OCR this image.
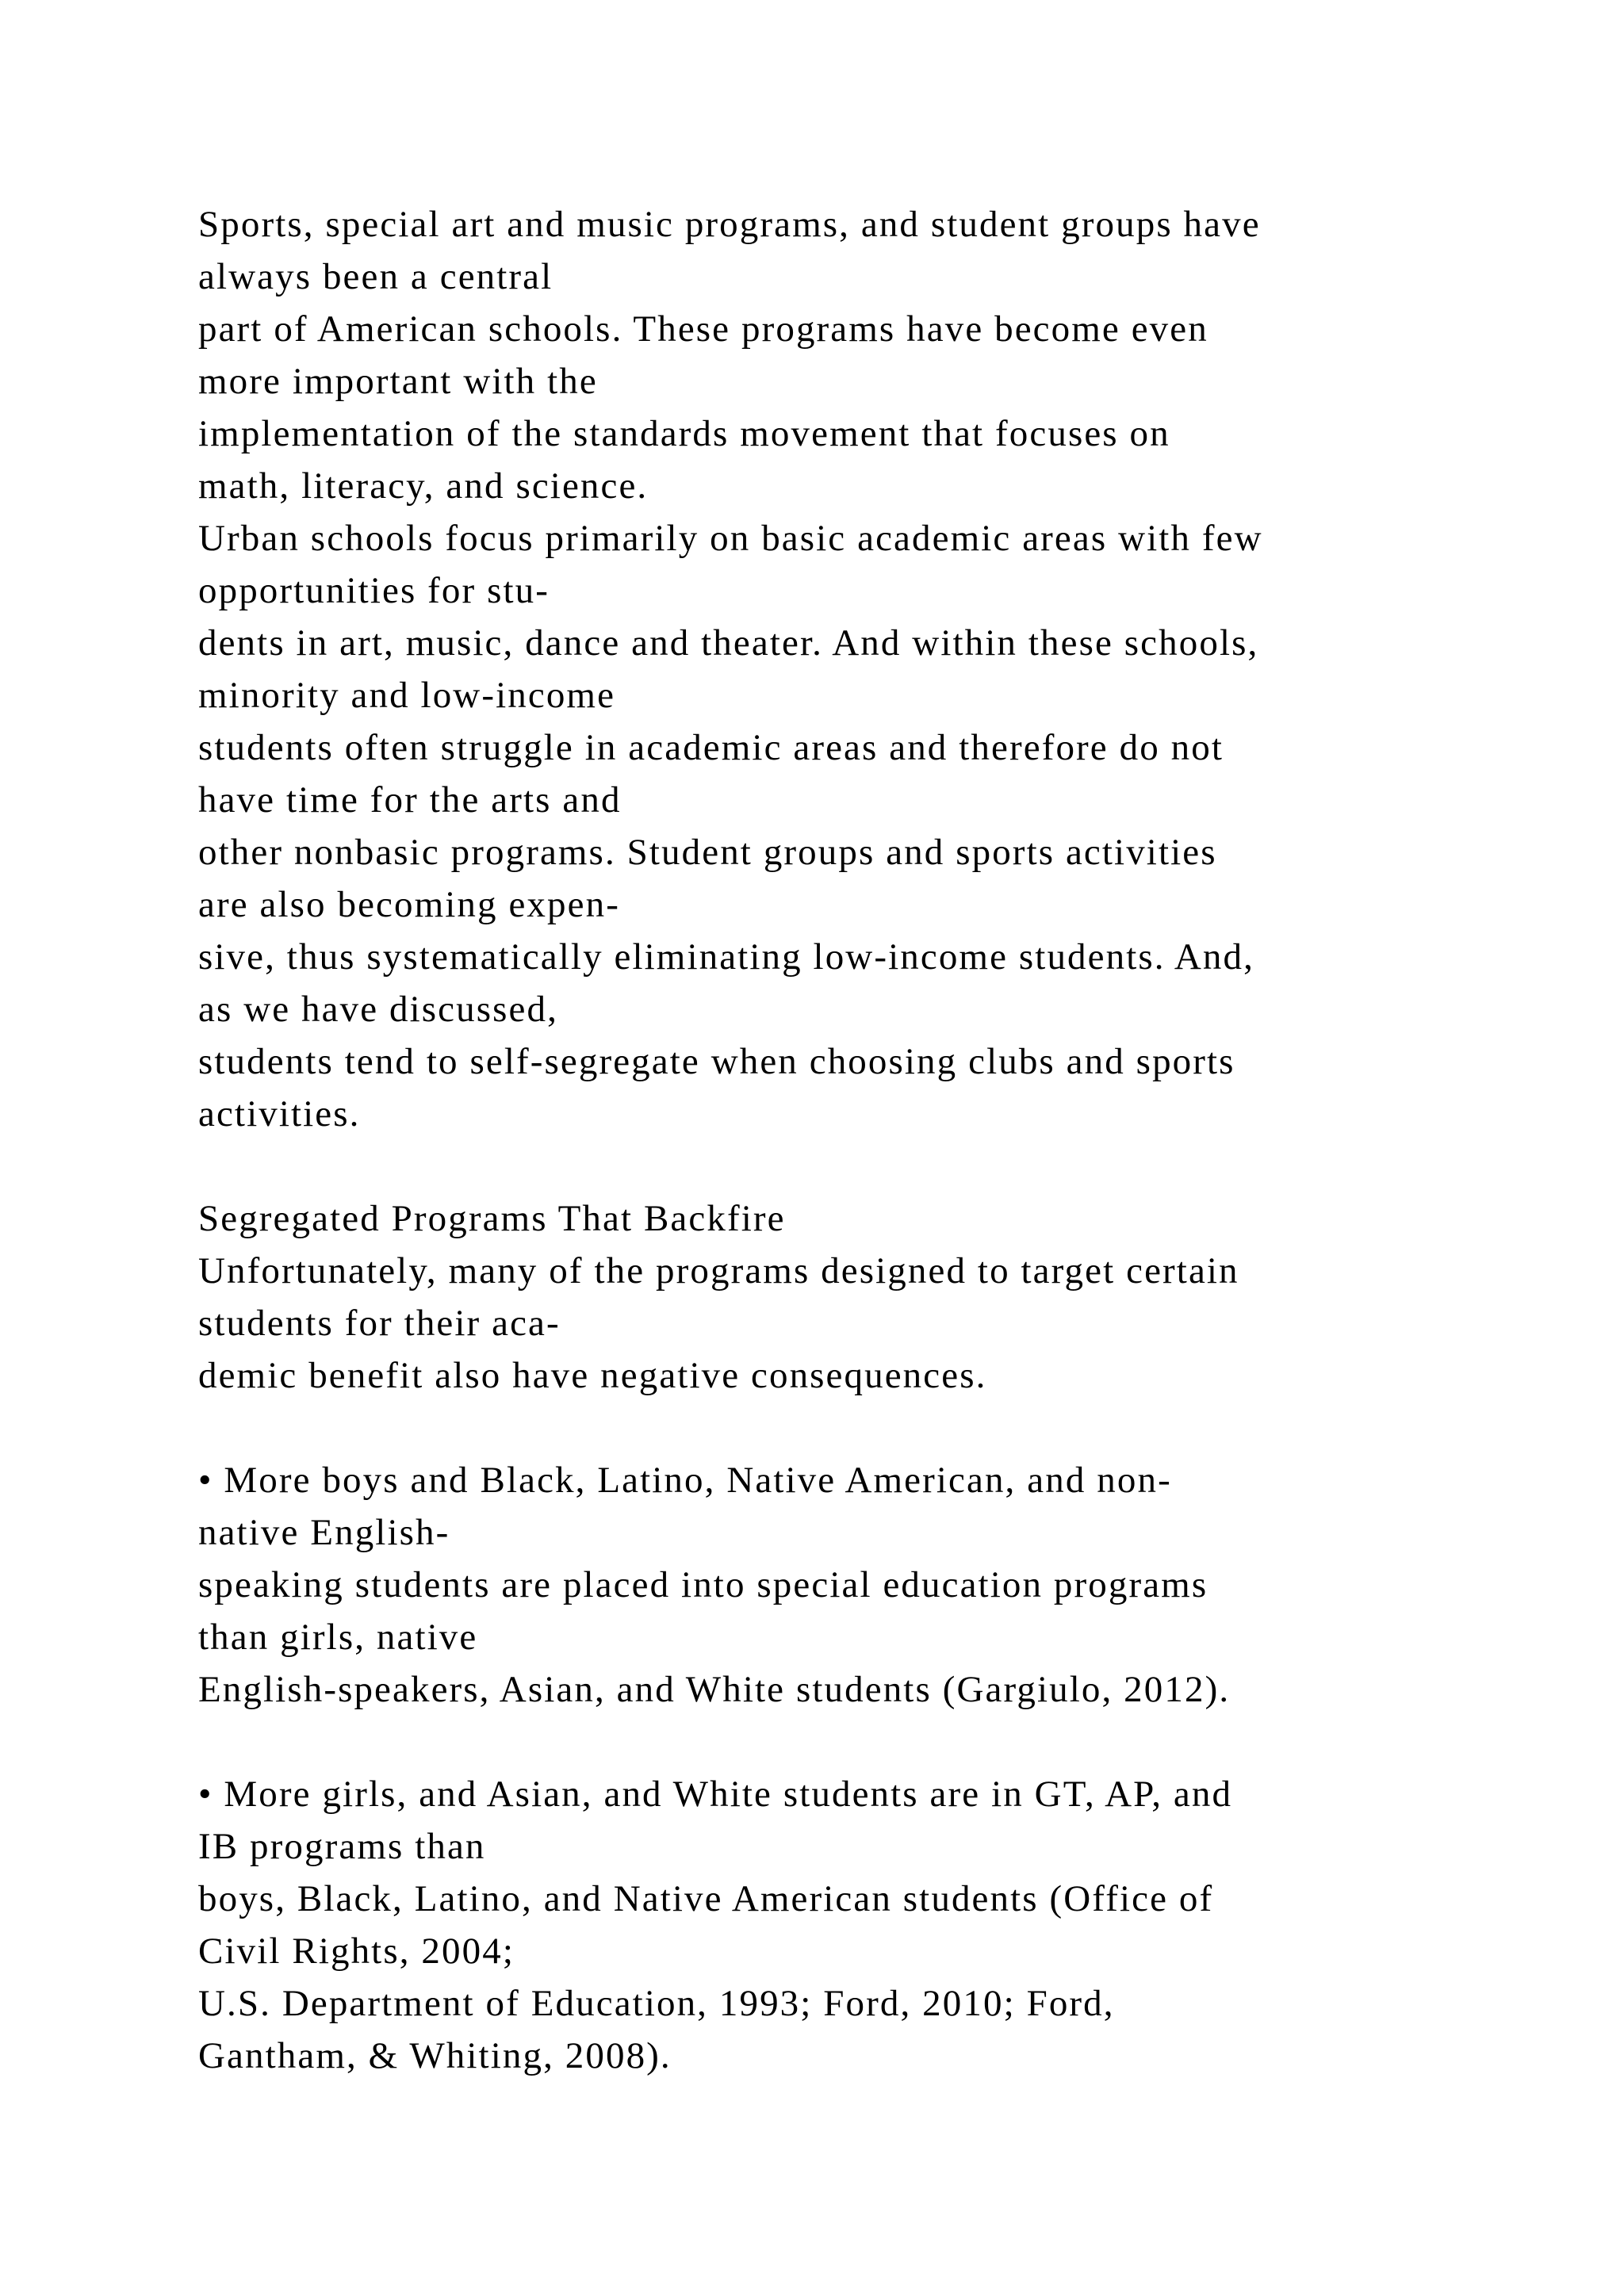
Sports, special art and music programs, and student groups have
always been a central
part of American schools. These programs have become even
more important with the
implementation of the standards movement that focuses on
math, literacy, and science.
Urban schools focus primarily on basic academic areas with few
opportunities for stu-
dents in art, music, dance and theater. And within these schools,
minority and low-income
students often struggle in academic areas and therefore do not
have time for the arts and
other nonbasic programs. Student groups and sports activities
are also becoming expen-
sive, thus systematically eliminating low-income students. And,
as we have discussed,
students tend to self-segregate when choosing clubs and sports
activities.
Segregated Programs That Backfire
Unfortunately, many of the programs designed to target certain
students for their aca-
demic benefit also have negative consequences.
• More boys and Black, Latino, Native American, and non-
native English-
speaking students are placed into special education programs
than girls, native
English-speakers, Asian, and White students (Gargiulo, 2012).
• More girls, and Asian, and White students are in GT, AP, and
IB programs than
boys, Black, Latino, and Native American students (Office of
Civil Rights, 2004;
U.S. Department of Education, 1993; Ford, 2010; Ford,
Gantham, & Whiting, 2008).
